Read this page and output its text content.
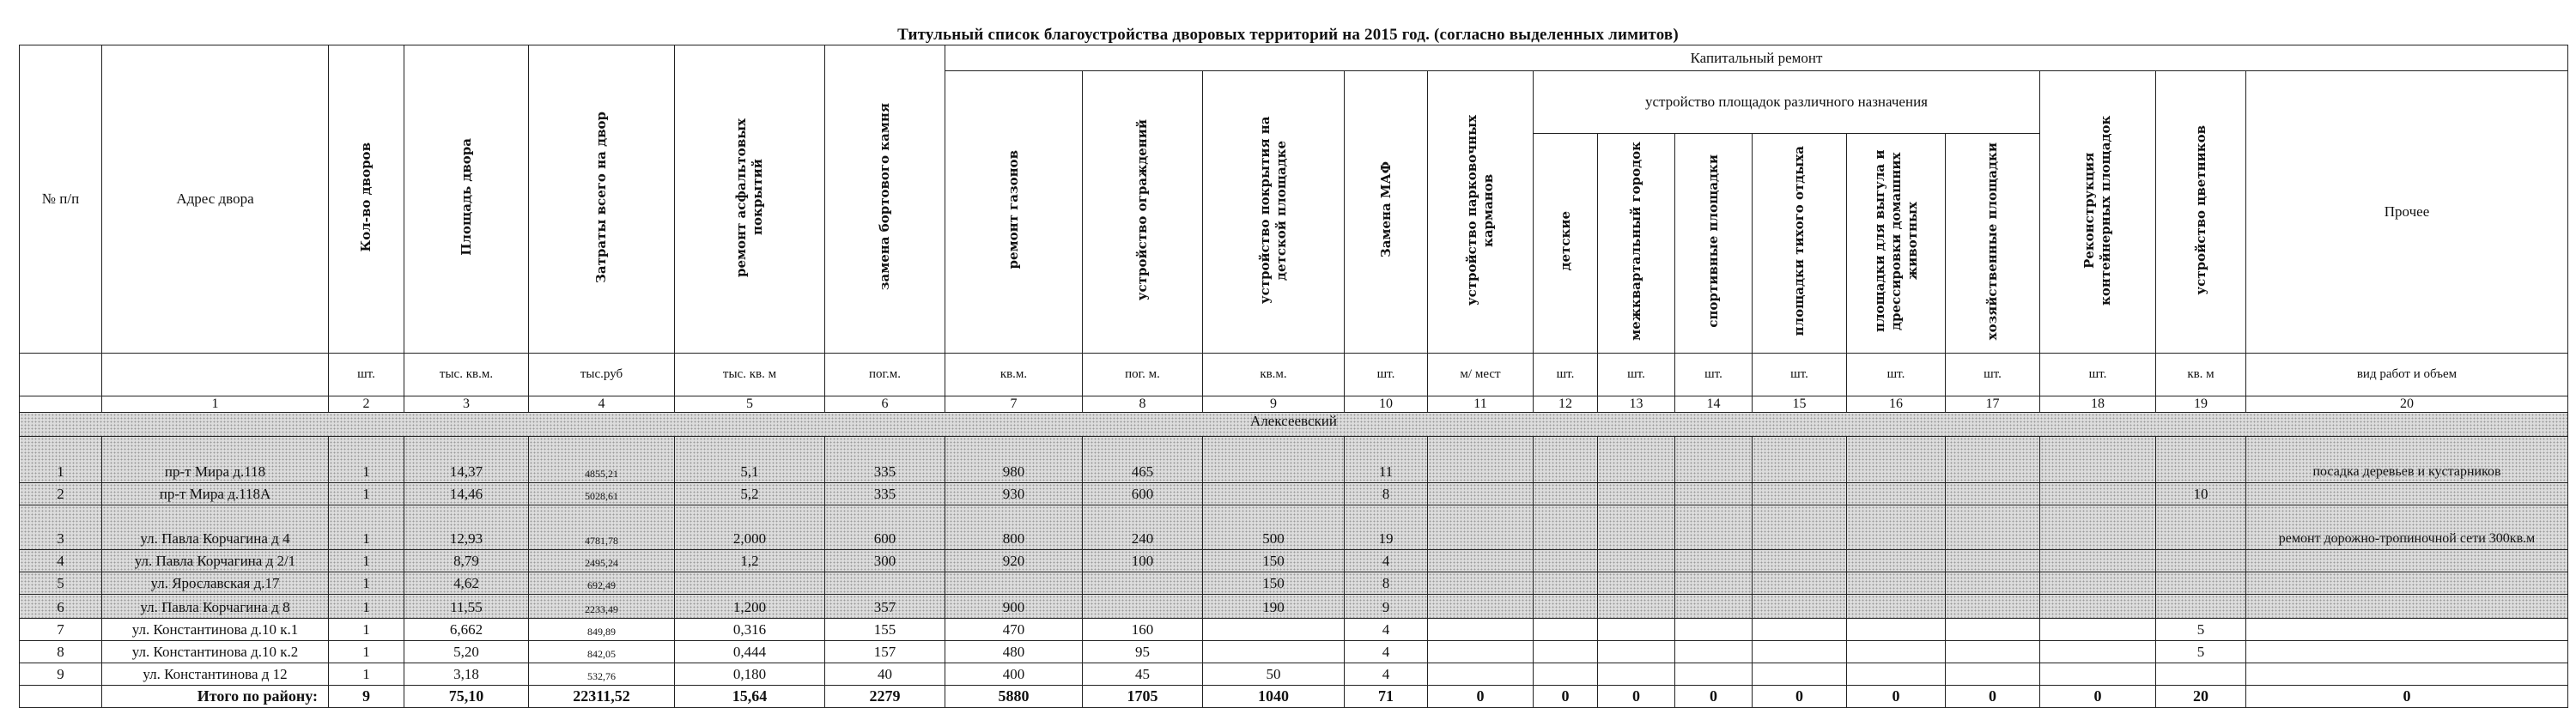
Титульный список благоустройства дворовых территорий на 2015 год. (согласно выделенных лимитов)
№ п/п	Адрес двора	Кол-во дворов	Площадь двора	Затраты всего на двор	ремонт асфальтовых покрытий	замена бортового камня	Капитальный ремонт													
							ремонт газонов	устройство ограждений	устройство покрытия на детской площадке	Замена МАФ	устройство парковочных карманов	устройство площадок различного назначения						Реконструкция контейнерных площадок	устройство цветников	Прочее
												детские	межквартальный городок	спортивные площадки	площадки тихого отдыха	площадки для выгула и дрессировки домашних животных	хозяйственные площадки			
		шт.	тыс. кв.м.	тыс.руб	тыс. кв. м	пог.м.	кв.м.	пог. м.	кв.м.	шт.	м/ мест	шт.	шт.	шт.	шт.	шт.	шт.	шт.	кв. м	вид работ и объем
	1	2	3	4	5	6	7	8	9	10	11	12	13	14	15	16	17	18	19	20
Алексеевский																				
1	пр-т Мира д.118	1	14,37	4855,21	5,1	335	980	465		11										посадка деревьев и кустарников
2	пр-т Мира д.118А	1	14,46	5028,61	5,2	335	930	600		8									10	
3	ул. Павла Корчагина д 4	1	12,93	4781,78	2,000	600	800	240	500	19										ремонт дорожно-тропиночной сети 300кв.м
4	ул. Павла Корчагина д 2/1	1	8,79	2495,24	1,2	300	920	100	150	4										
5	ул. Ярославская д.17	1	4,62	692,49					150	8										
6	ул. Павла Корчагина д 8	1	11,55	2233,49	1,200	357	900		190	9										
7	ул. Константинова д.10 к.1	1	6,662	849,89	0,316	155	470	160		4									5	
8	ул. Константинова д.10 к.2	1	5,20	842,05	0,444	157	480	95		4									5	
9	ул. Константинова д 12	1	3,18	532,76	0,180	40	400	45	50	4										
	Итого по району:	9	75,10	22311,52	15,64	2279	5880	1705	1040	71	0	0	0	0	0	0	0	0	20	0
